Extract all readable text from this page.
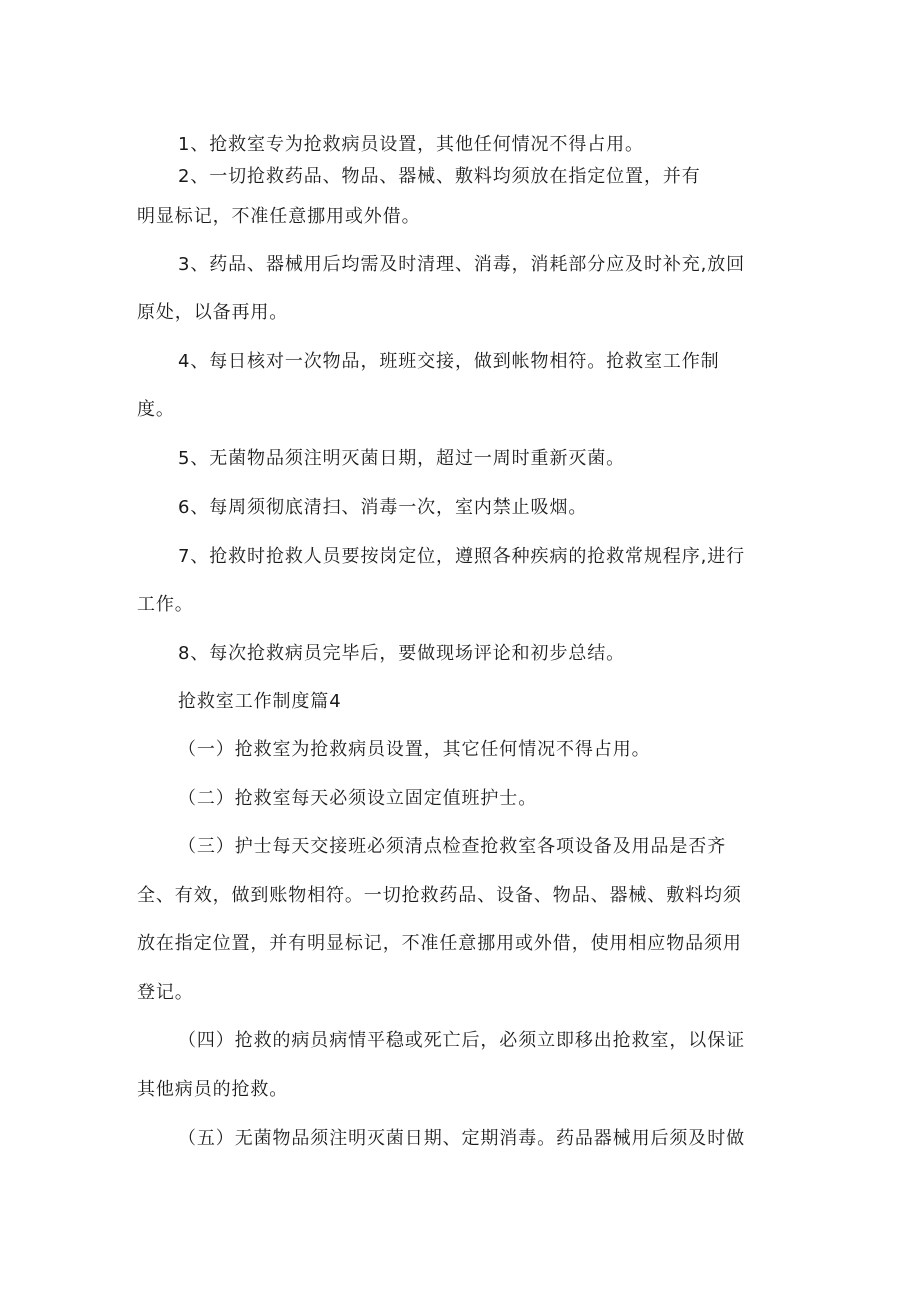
1、抢救室专为抢救病员设置，其他任何情况不得占用。
2、一切抢救药品、物品、器械、敷料均须放在指定位置，并有
明显标记，不准任意挪用或外借。
3、药品、器械用后均需及时清理、消毒，消耗部分应及时补充,放回
原处，以备再用。
4、每日核对一次物品，班班交接，做到帐物相符。抢救室工作制
度。
5、无菌物品须注明灭菌日期，超过一周时重新灭菌。
6、每周须彻底清扫、消毒一次，室内禁止吸烟。
7、抢救时抢救人员要按岗定位，遵照各种疾病的抢救常规程序,进行
工作。
8、每次抢救病员完毕后，要做现场评论和初步总结。
抢救室工作制度篇4
（一）抢救室为抢救病员设置，其它任何情况不得占用。
（二）抢救室每天必须设立固定值班护士。
（三）护士每天交接班必须清点检查抢救室各项设备及用品是否齐
全、有效，做到账物相符。一切抢救药品、设备、物品、器械、敷料均须
放在指定位置，并有明显标记，不准任意挪用或外借，使用相应物品须用
登记。
（四）抢救的病员病情平稳或死亡后，必须立即移出抢救室，以保证
其他病员的抢救。
（五）无菌物品须注明灭菌日期、定期消毒。药品器械用后须及时做
